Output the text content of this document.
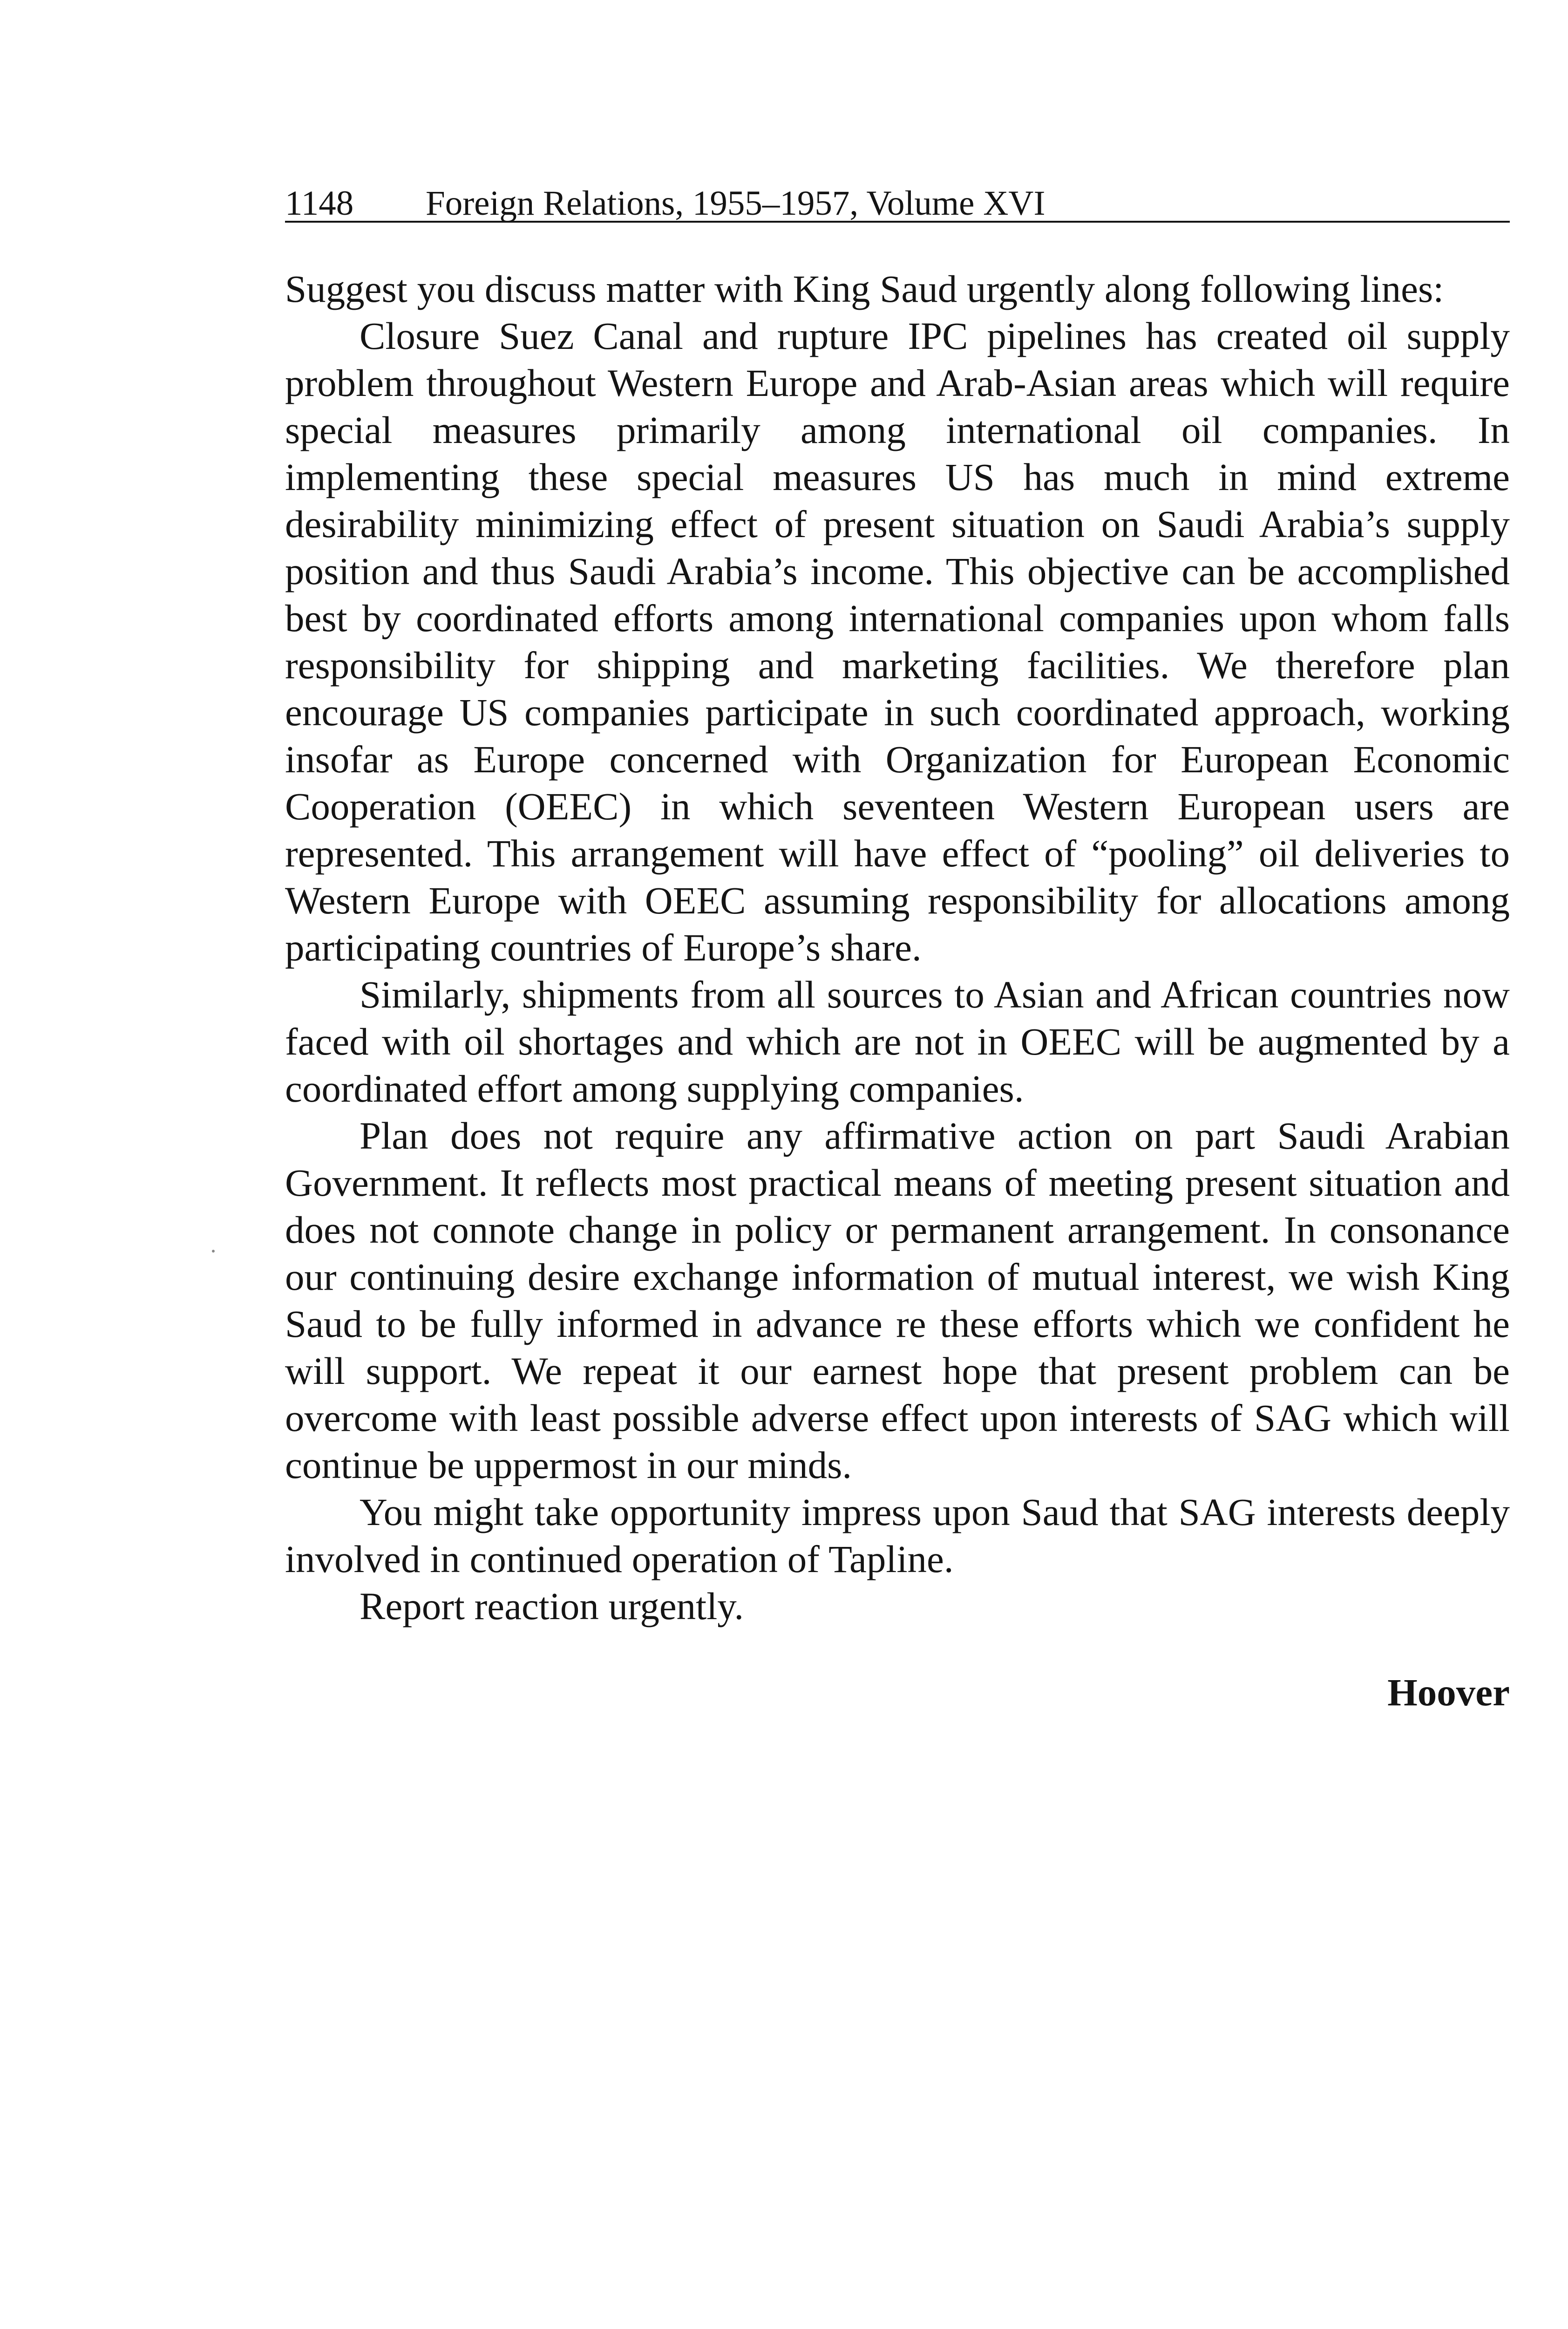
1148 Foreign Relations, 1955–1957, Volume XVI

Suggest you discuss matter with King Saud urgently along following lines:

Closure Suez Canal and rupture IPC pipelines has created oil supply problem throughout Western Europe and Arab-Asian areas which will require special measures primarily among international oil companies. In implementing these special measures US has much in mind extreme desirability minimizing effect of present situation on Saudi Arabia’s supply position and thus Saudi Arabia’s income. This objective can be accomplished best by coordinated efforts among international companies upon whom falls responsibility for shipping and marketing facilities. We therefore plan encourage US companies participate in such coordinated approach, working insofar as Europe concerned with Organization for European Economic Cooperation (OEEC) in which seventeen Western European users are represented. This arrangement will have effect of “pooling” oil deliveries to Western Europe with OEEC assuming responsibility for allocations among participating countries of Europe’s share.

Similarly, shipments from all sources to Asian and African countries now faced with oil shortages and which are not in OEEC will be augmented by a coordinated effort among supplying companies.

Plan does not require any affirmative action on part Saudi Arabian Government. It reflects most practical means of meeting present situation and does not connote change in policy or permanent arrangement. In consonance our continuing desire exchange information of mutual interest, we wish King Saud to be fully informed in advance re these efforts which we confident he will support. We repeat it our earnest hope that present problem can be overcome with least possible adverse effect upon interests of SAG which will continue be uppermost in our minds.

You might take opportunity impress upon Saud that SAG interests deeply involved in continued operation of Tapline.

Report reaction urgently.

Hoover
